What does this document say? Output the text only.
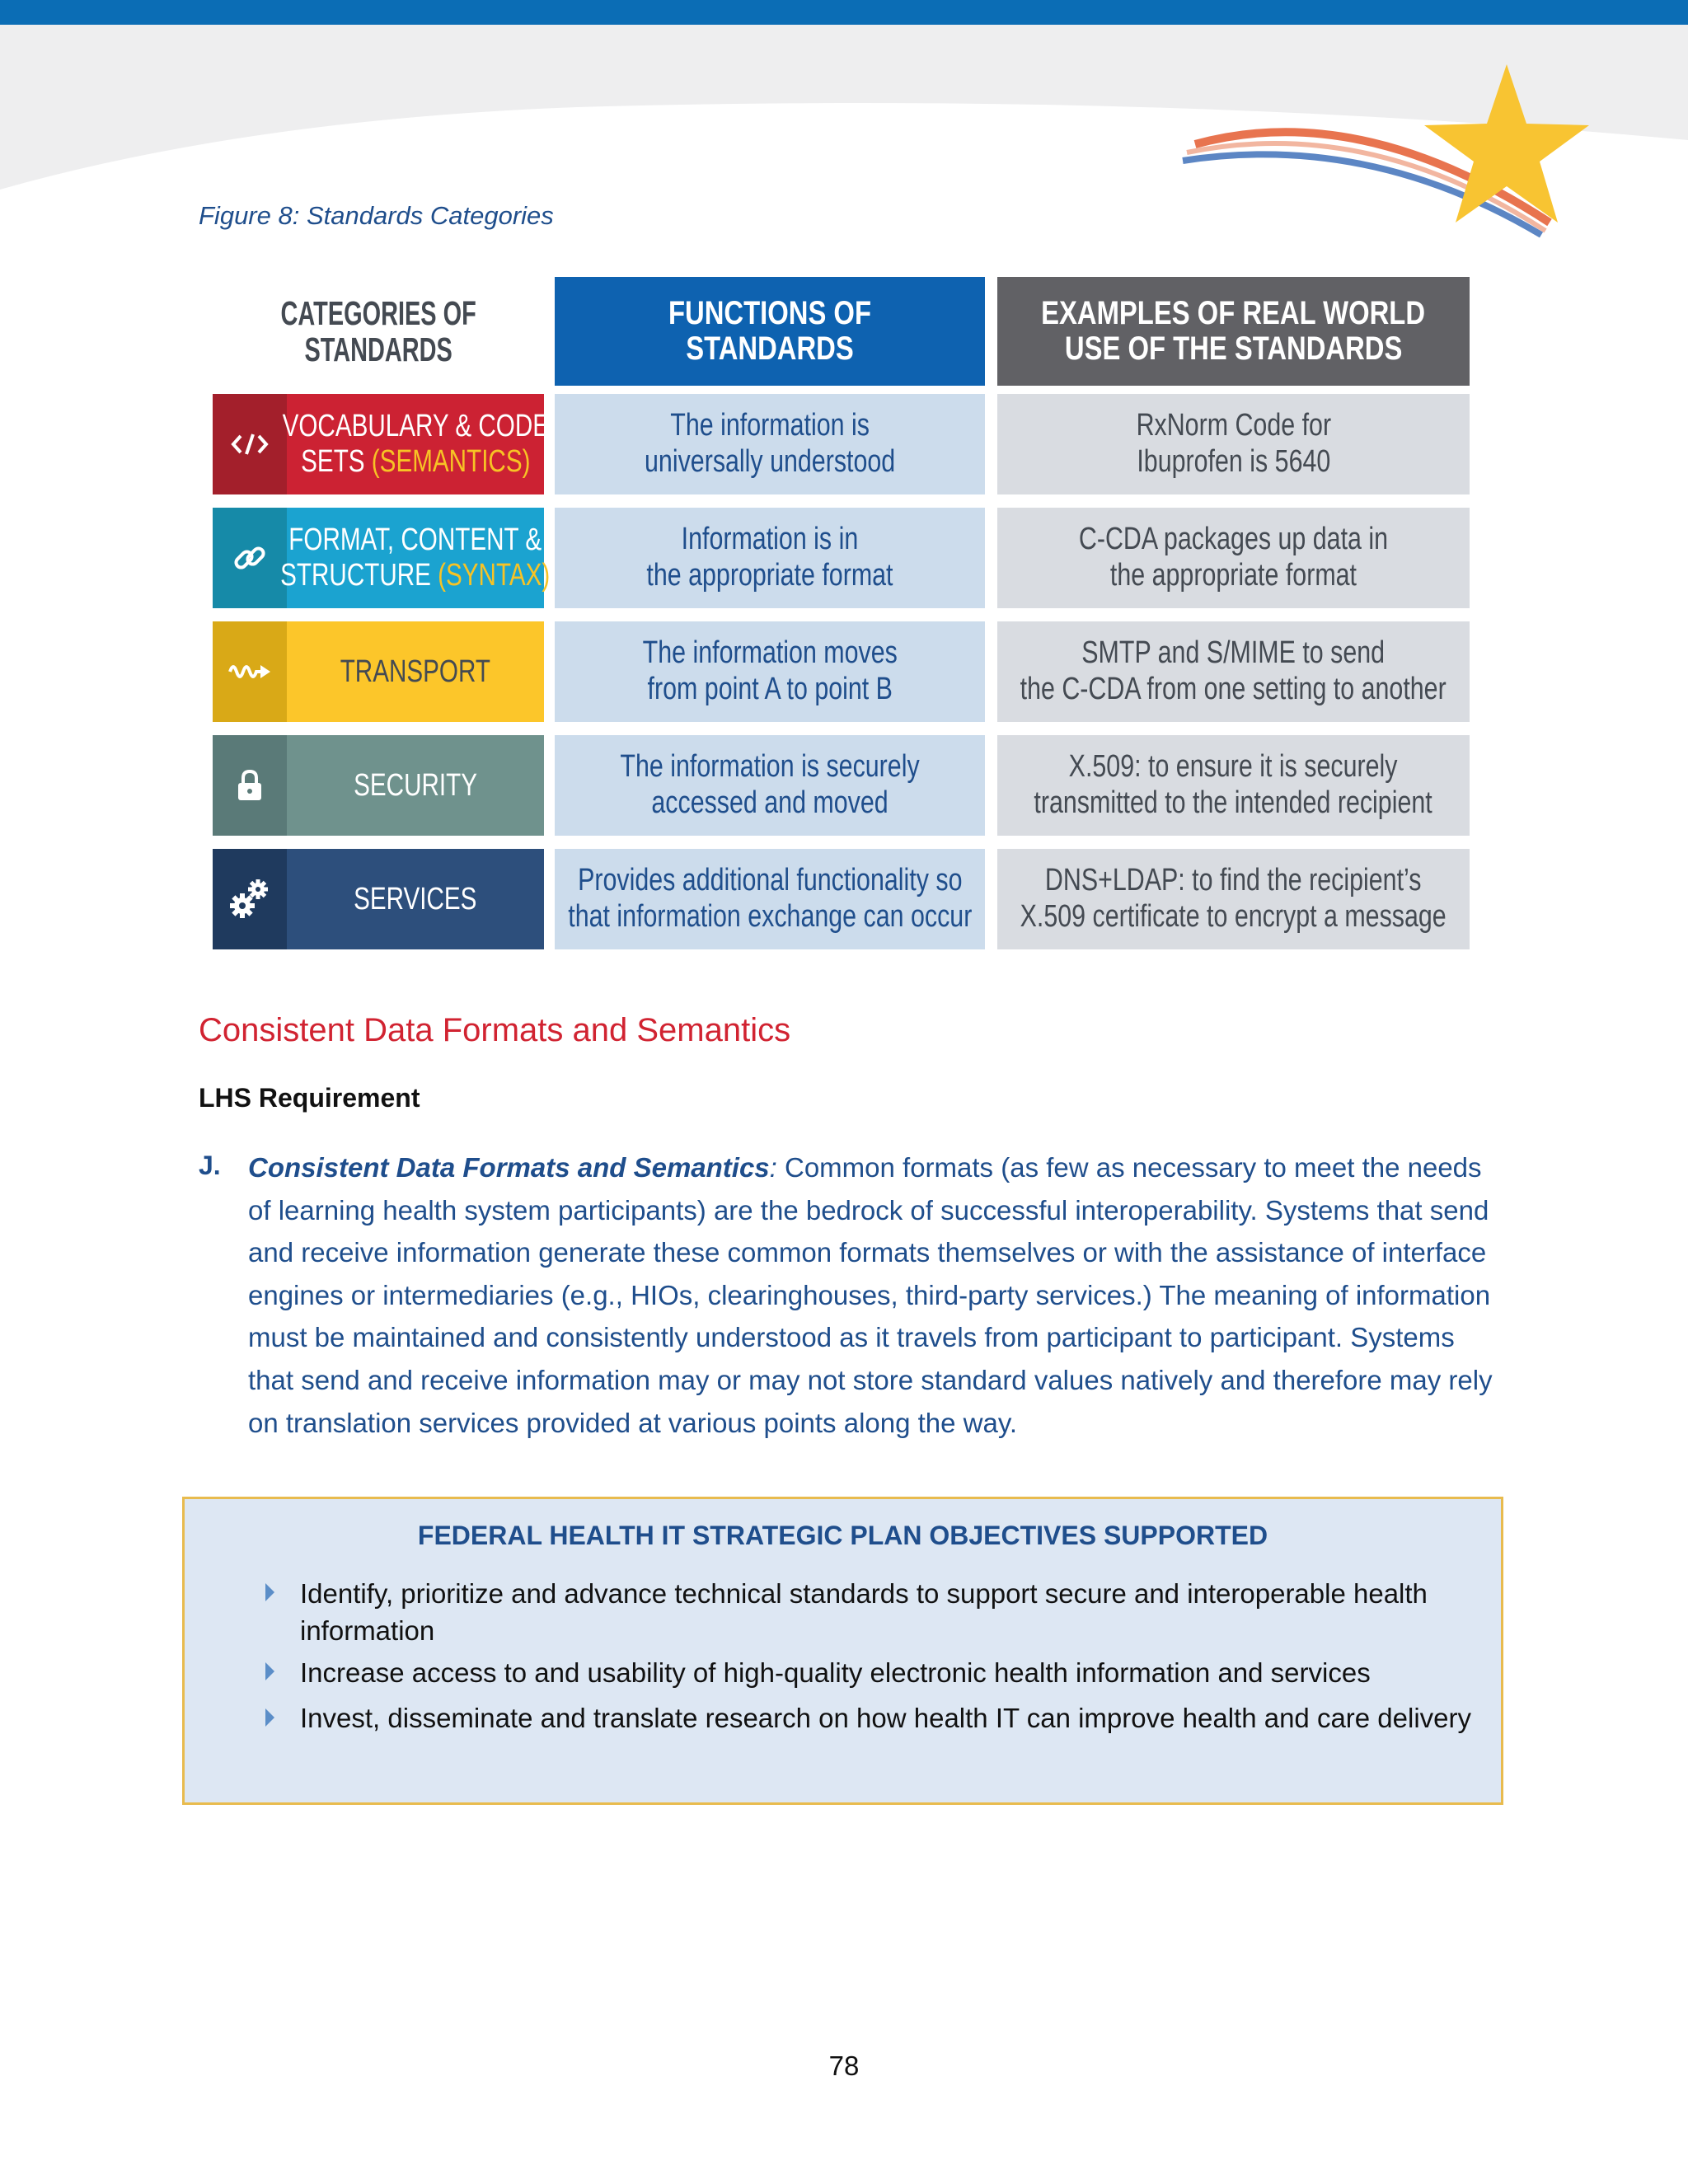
Figure 8: Standards Categories
CATEGORIES OFSTANDARDS
FUNCTIONS OF STANDARDS
EXAMPLES OF REAL WORLDUSE OF THE STANDARDS
VOCABULARY & CODE
SETS (SEMANTICS)
The information is
universally understood
RxNorm Code for
Ibuprofen is 5640
FORMAT, CONTENT &
STRUCTURE (SYNTAX)
Information is in
the appropriate format
C-CDA packages up data in
the appropriate format
TRANSPORT
The information moves
from point A to point B
SMTP and S/MIME to send
the C-CDA from one setting to another
SECURITY
The information is securely
accessed and moved
X.509: to ensure it is securely
transmitted to the intended recipient
SERVICES
Provides additional functionality so
that information exchange can occur
DNS+LDAP: to find the recipient’s
X.509 certificate to encrypt a message
Consistent Data Formats and Semantics
LHS Requirement
J. Consistent Data Formats and Semantics: Common formats (as few as necessary to meet the needs of learning health system participants) are the bedrock of successful interoperability. Systems that send and receive information generate these common formats themselves or with the assistance of interface engines or intermediaries (e.g., HIOs, clearinghouses, third-party services.) The meaning of information must be maintained and consistently understood as it travels from participant to participant. Systems that send and receive information may or may not store standard values natively and therefore may rely on translation services provided at various points along the way.
FEDERAL HEALTH IT STRATEGIC PLAN OBJECTIVES SUPPORTED
Identify, prioritize and advance technical standards to support secure and interoperable health information
Increase access to and usability of high-quality electronic health information and services
Invest, disseminate and translate research on how health IT can improve health and care delivery
78
